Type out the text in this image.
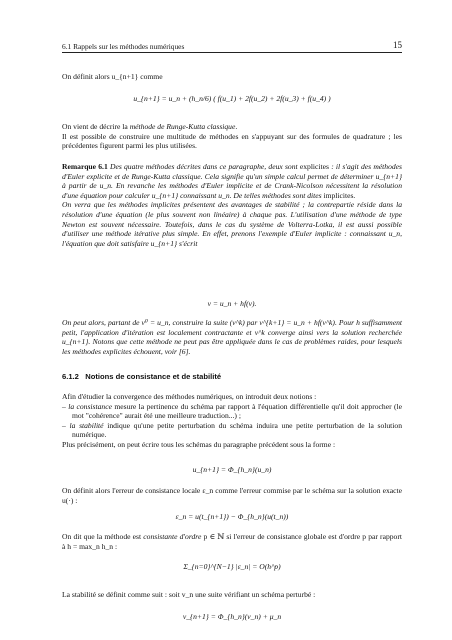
6.1 Rappels sur les méthodes numériques	15
On définit alors u_{n+1} comme
u_{n+1} = u_n + (h_n/6) ( f(u_1) + 2f(u_2) + 2f(u_3) + f(u_4) )
On vient de décrire la méthode de Runge-Kutta classique.
Il est possible de construire une multitude de méthodes en s'appuyant sur des formules de quadrature ; les précédentes figurent parmi les plus utilisées.
Remarque 6.1 Des quatre méthodes décrites dans ce paragraphe, deux sont explicites : il s'agit des méthodes d'Euler explicite et de Runge-Kutta classique. Cela signifie qu'un simple calcul permet de déterminer u_{n+1} à partir de u_n. En revanche les méthodes d'Euler implicite et de Crank-Nicolson nécessitent la résolution d'une équation pour calculer u_{n+1} connaissant u_n. De telles méthodes sont dites implicites.
On verra que les méthodes implicites présentent des avantages de stabilité ; la contrepartie réside dans la résolution d'une équation (le plus souvent non linéaire) à chaque pas. L'utilisation d'une méthode de type Newton est souvent nécessaire. Toutefois, dans le cas du système de Volterra-Lotka, il est aussi possible d'utiliser une méthode itérative plus simple. En effet, prenons l'exemple d'Euler implicite : connaissant u_n, l'équation que doit satisfaire u_{n+1} s'écrit
v = u_n + hf(v).
On peut alors, partant de v⁰ = u_n, construire la suite (v^k) par v^{k+1} = u_n + hf(v^k). Pour h suffisamment petit, l'application d'itération est localement contractante et v^k converge ainsi vers la solution recherchée u_{n+1}. Notons que cette méthode ne peut pas être appliquée dans le cas de problèmes raides, pour lesquels les méthodes explicites échouent, voir [6].
6.1.2 Notions de consistance et de stabilité
Afin d'étudier la convergence des méthodes numériques, on introduit deux notions :
– la consistance mesure la pertinence du schéma par rapport à l'équation différentielle qu'il doit approcher (le mot "cohérence" aurait été une meilleure traduction...) ;
– la stabilité indique qu'une petite perturbation du schéma induira une petite perturbation de la solution numérique.
Plus précisément, on peut écrire tous les schémas du paragraphe précédent sous la forme :
u_{n+1} = Φ_{h_n}(u_n)
On définit alors l'erreur de consistance locale ε_n comme l'erreur commise par le schéma sur la solution exacte u(·) :
ε_n = u(t_{n+1}) − Φ_{h_n}(u(t_n))
On dit que la méthode est consistante d'ordre p ∈ ℕ si l'erreur de consistance globale est d'ordre p par rapport à h = max_n h_n :
Σ_{n=0}^{N−1} |ε_n| = O(h^p)
La stabilité se définit comme suit : soit v_n une suite vérifiant un schéma perturbé :
v_{n+1} = Φ_{h_n}(v_n) + μ_n
